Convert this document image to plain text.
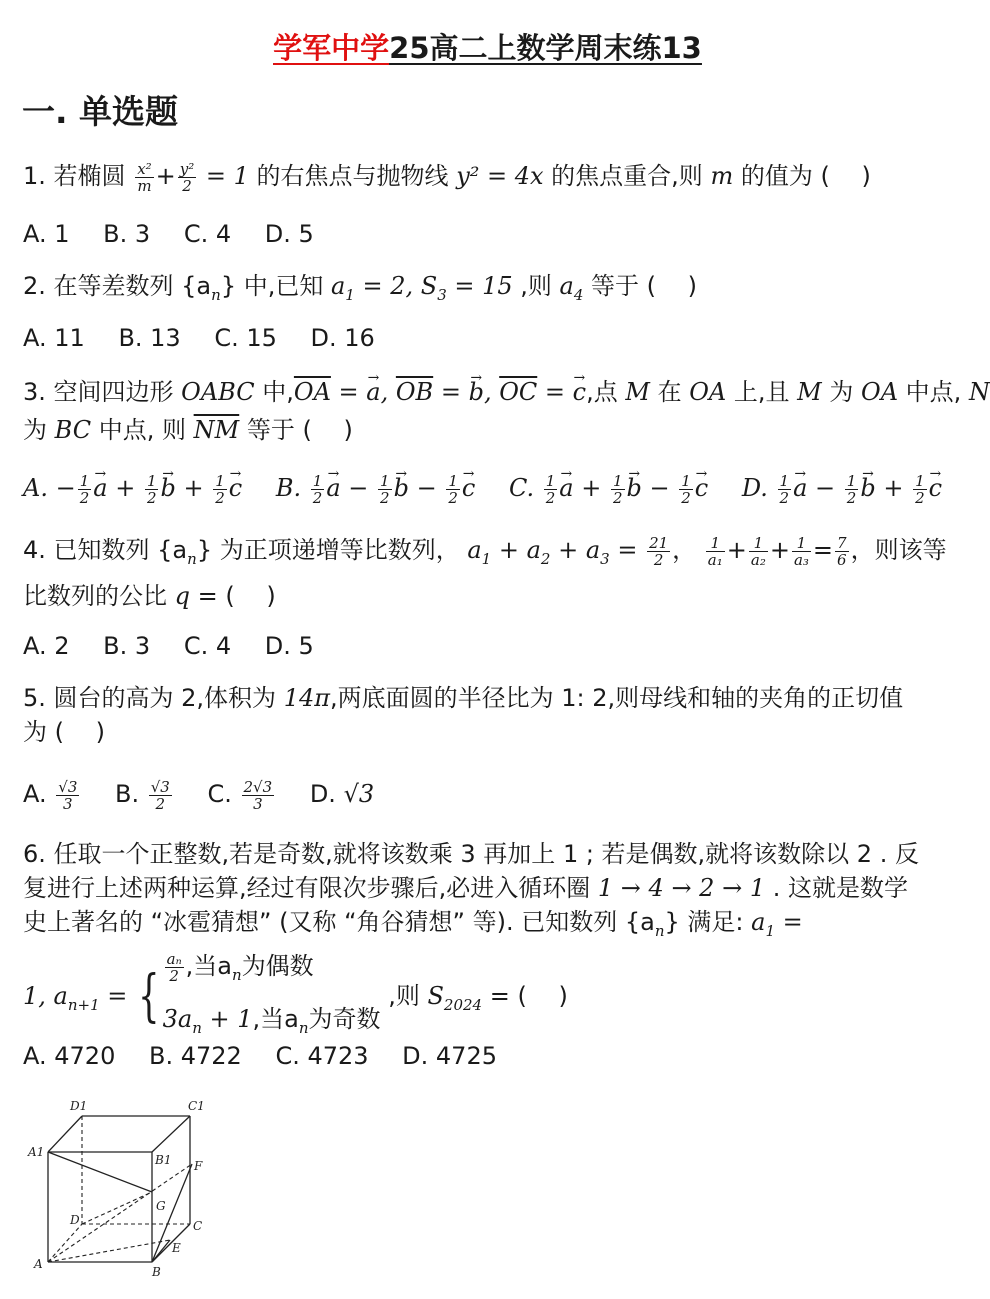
学军中学25高二上数学周末练13
一. 单选题
1. 若椭圆 $\frac{\text{x²}}{m} + \frac{\text{y²}}{2} = 1$ 的右焦点与抛物线 y² = 4x 的焦点重合,则 m 的值为 (　 )
A. 1 B. 3 C. 4 D. 5
2. 在等差数列 $\{a_n\}$ 中,已知 $a_1 = 2$, $S_3 = 15$ ,则 $a_4$ 等于 (　 )
A. 11 B. 13 C. 15 D. 16
3. 空间四边形 OABC 中$,\overline{OA}$ = → a, $\overline{OB}$ = → b, $\overline{OC}$ = → c,点 M 在 OA 上,且 M 为 OA 中点, N
为 BC 中点, 则 $\overline{NM}$ 等于 (　 )
A. − $\frac{1}{2} \to a + \frac{1}{2} \to b + \frac{1}{2} \to c$ B. $\frac{1}{2} \to a - \frac{1}{2} \to b - \frac{1}{2} \to c$ C. $\frac{1}{2} \to a + \frac{1}{2} \to b - \frac{1}{2} \to c$ D. $\frac{1}{2} \to a - \frac{1}{2} \to b + \frac{1}{2} \to c$
4. 已知数列 $\{a_n\}$ 为正项递增等比数列， $a_1 + a_2 + a_3 = \frac{21}{2}$ ， $\frac{1}{\text{a₁}} + \frac{1}{\text{a₂}} + \frac{1}{\text{a₃}} = \frac{7}{6}$ ，则该等
比数列的公比 q = (　 )
A. 2 B. 3 C. 4 D. 5
5. 圆台的高为 2,体积为 14π,两底面圆的半径比为 1: 2,则母线和轴的夹角的正切值
为 (　 )
A. $\frac{√3}{3} B$. $\frac{√3}{2} C$. $\frac{2√3}{3} D$. √3
6. 任取一个正整数,若是奇数,就将该数乘 3 再加上 1 ; 若是偶数,就将该数除以 2 . 反
复进行上述两种运算,经过有限次步骤后,必进入循环圈 1 → 4 → 2 → 1 . 这就是数学
史上著名的 “冰雹猜想” (又称 “角谷猜想” 等). 已知数列 $\{a_n\}$ 满足: $a_1$ =
1, $a_{n+1}$ = { $\frac{\text{aₙ}}{2}$ ,当$a_n$为偶数
$3a_n + 1$,当$a_n$为奇数 ,则 $S_{2024}$ = (　 )
A. 4720 B. 4722 C. 4723 D. 4725
D1	C1
A1
B1 F
G
D	C
E
A
B
